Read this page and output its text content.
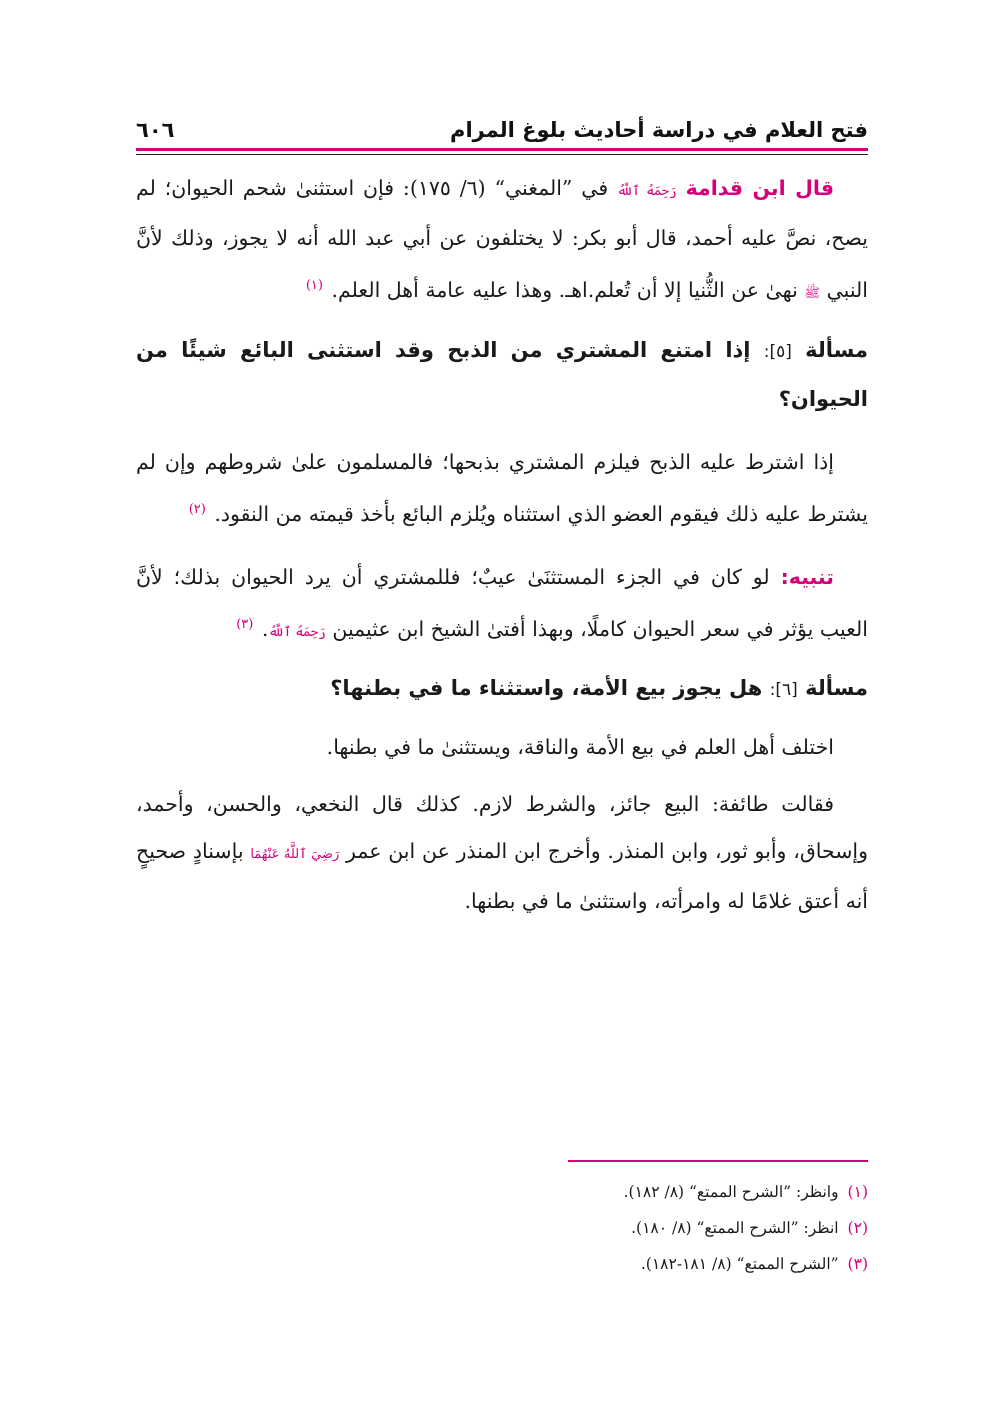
فتح العلام في دراسة أحاديث بلوغ المرام
٦٠٦

قال ابن قدامة رَحِمَهُ ٱللَّهُ في ”المغني“ (٦/ ١٧٥): فإن استثنىٰ شحم الحيوان؛ لم يصح، نصَّ عليه أحمد، قال أبو بكر: لا يختلفون عن أبي عبد الله أنه لا يجوز، وذلك لأنَّ النبي ﷺ نهىٰ عن الثُّنيا إلا أن تُعلم.اهـ. وهذا عليه عامة أهل العلم. $^{(١)}$

مسألة [٥]: إذا امتنع المشتري من الذبح وقد استثنى البائع شيئًا من الحيوان؟

إذا اشترط عليه الذبح فيلزم المشتري بذبحها؛ فالمسلمون علىٰ شروطهم وإن لم يشترط عليه ذلك فيقوم العضو الذي استثناه ويُلزم البائع بأخذ قيمته من النقود. $^{(٢)}$

تنبيه: لو كان في الجزء المستثنَىٰ عيبٌ؛ فللمشتري أن يرد الحيوان بذلك؛ لأنَّ العيب يؤثر في سعر الحيوان كاملًا، وبهذا أفتىٰ الشيخ ابن عثيمين رَحِمَهُ ٱللَّهُ. $^{(٣)}$

مسألة [٦]: هل يجوز بيع الأمة، واستثناء ما في بطنها؟

اختلف أهل العلم في بيع الأمة والناقة، ويستثنىٰ ما في بطنها.

فقالت طائفة: البيع جائز، والشرط لازم. كذلك قال النخعي، والحسن، وأحمد، وإسحاق، وأبو ثور، وابن المنذر. وأخرج ابن المنذر عن ابن عمر رَضِيَ ٱللَّهُ عَنْهُمَا بإسنادٍ صحيحٍ أنه أعتق غلامًا له وامرأته، واستثنىٰ ما في بطنها.

(١) وانظر: ”الشرح الممتع“ (٨/ ١٨٢).
(٢) انظر: ”الشرح الممتع“ (٨/ ١٨٠).
(٣) ”الشرح الممتع“ (٨/ ١٨١-١٨٢).
